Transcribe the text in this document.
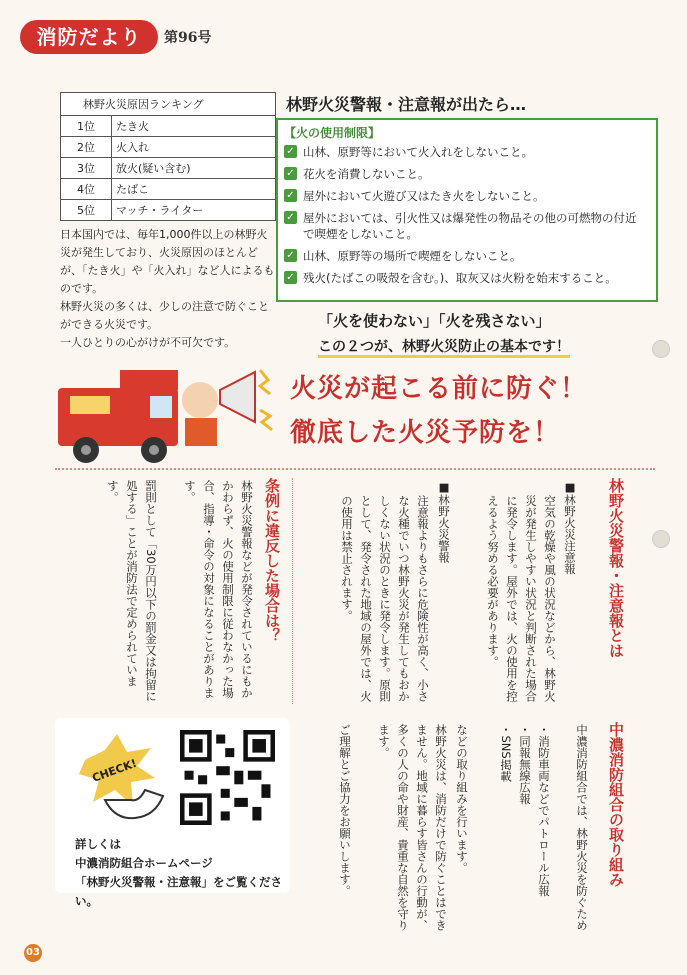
消防だより	第96号
林野火災原因ランキング	
1位	たき火
2位	火入れ
3位	放火(疑い含む)
4位	たばこ
5位	マッチ・ライター

日本国内では、毎年1,000件以上の林野火災が発生しており、火災原因のほとんどが、「たき火」や「火入れ」など人によるものです。

林野火災の多くは、少しの注意で防ぐことができる火災です。

一人ひとりの心がけが不可欠です。

林野火災警報・注意報が出たら…
【火の使用制限】
✓ 山林、原野等において火入れをしないこと。
✓ 花火を消費しないこと。
✓ 屋外において火遊び又はたき火をしないこと。
✓ 屋外においては、引火性又は爆発性の物品その他の可燃物の付近で喫煙をしないこと。
✓ 山林、原野等の場所で喫煙をしないこと。
✓ 残火(たばこの吸殻を含む。)、取灰又は火粉を始末すること。
「火を使わない」「火を残さない」
この２つが、林野火災防止の基本です！
火災が起こる前に防ぐ！
徹底した火災予防を！
林野火災警報・注意報とは
■林野火災注意報
空気の乾燥や風の状況などから、林野火災が発生しやすい状況と判断された場合に発令します。屋外では、火の使用を控えるよう努める必要があります。
■林野火災警報
注意報よりもさらに危険性が高く、小さな火種でいつ林野火災が発生してもおかしくない状況のときに発令します。原則として、発令された地域の屋外では、火の使用は禁止されます。
条例に違反した場合は？
林野火災警報などが発令されているにもかかわらず、火の使用制限に従わなかった場合、指導・命令の対象になることがあります。
罰則として「30万円以下の罰金又は拘留に処する」ことが消防法で定められています。
中濃消防組合の取り組み
中濃消防組合では、林野火災を防ぐため
・消防車両などでパトロール広報
・同報無線広報
・SNS掲載
などの取り組みを行います。
林野火災は、消防だけで防ぐことはできません。地域に暮らす皆さんの行動が、多くの人の命や財産、貴重な自然を守ります。
ご理解とご協力をお願いします。
CHECK!
詳しくは
中濃消防組合ホームページ
「林野火災警報・注意報」をご覧ください。
03
